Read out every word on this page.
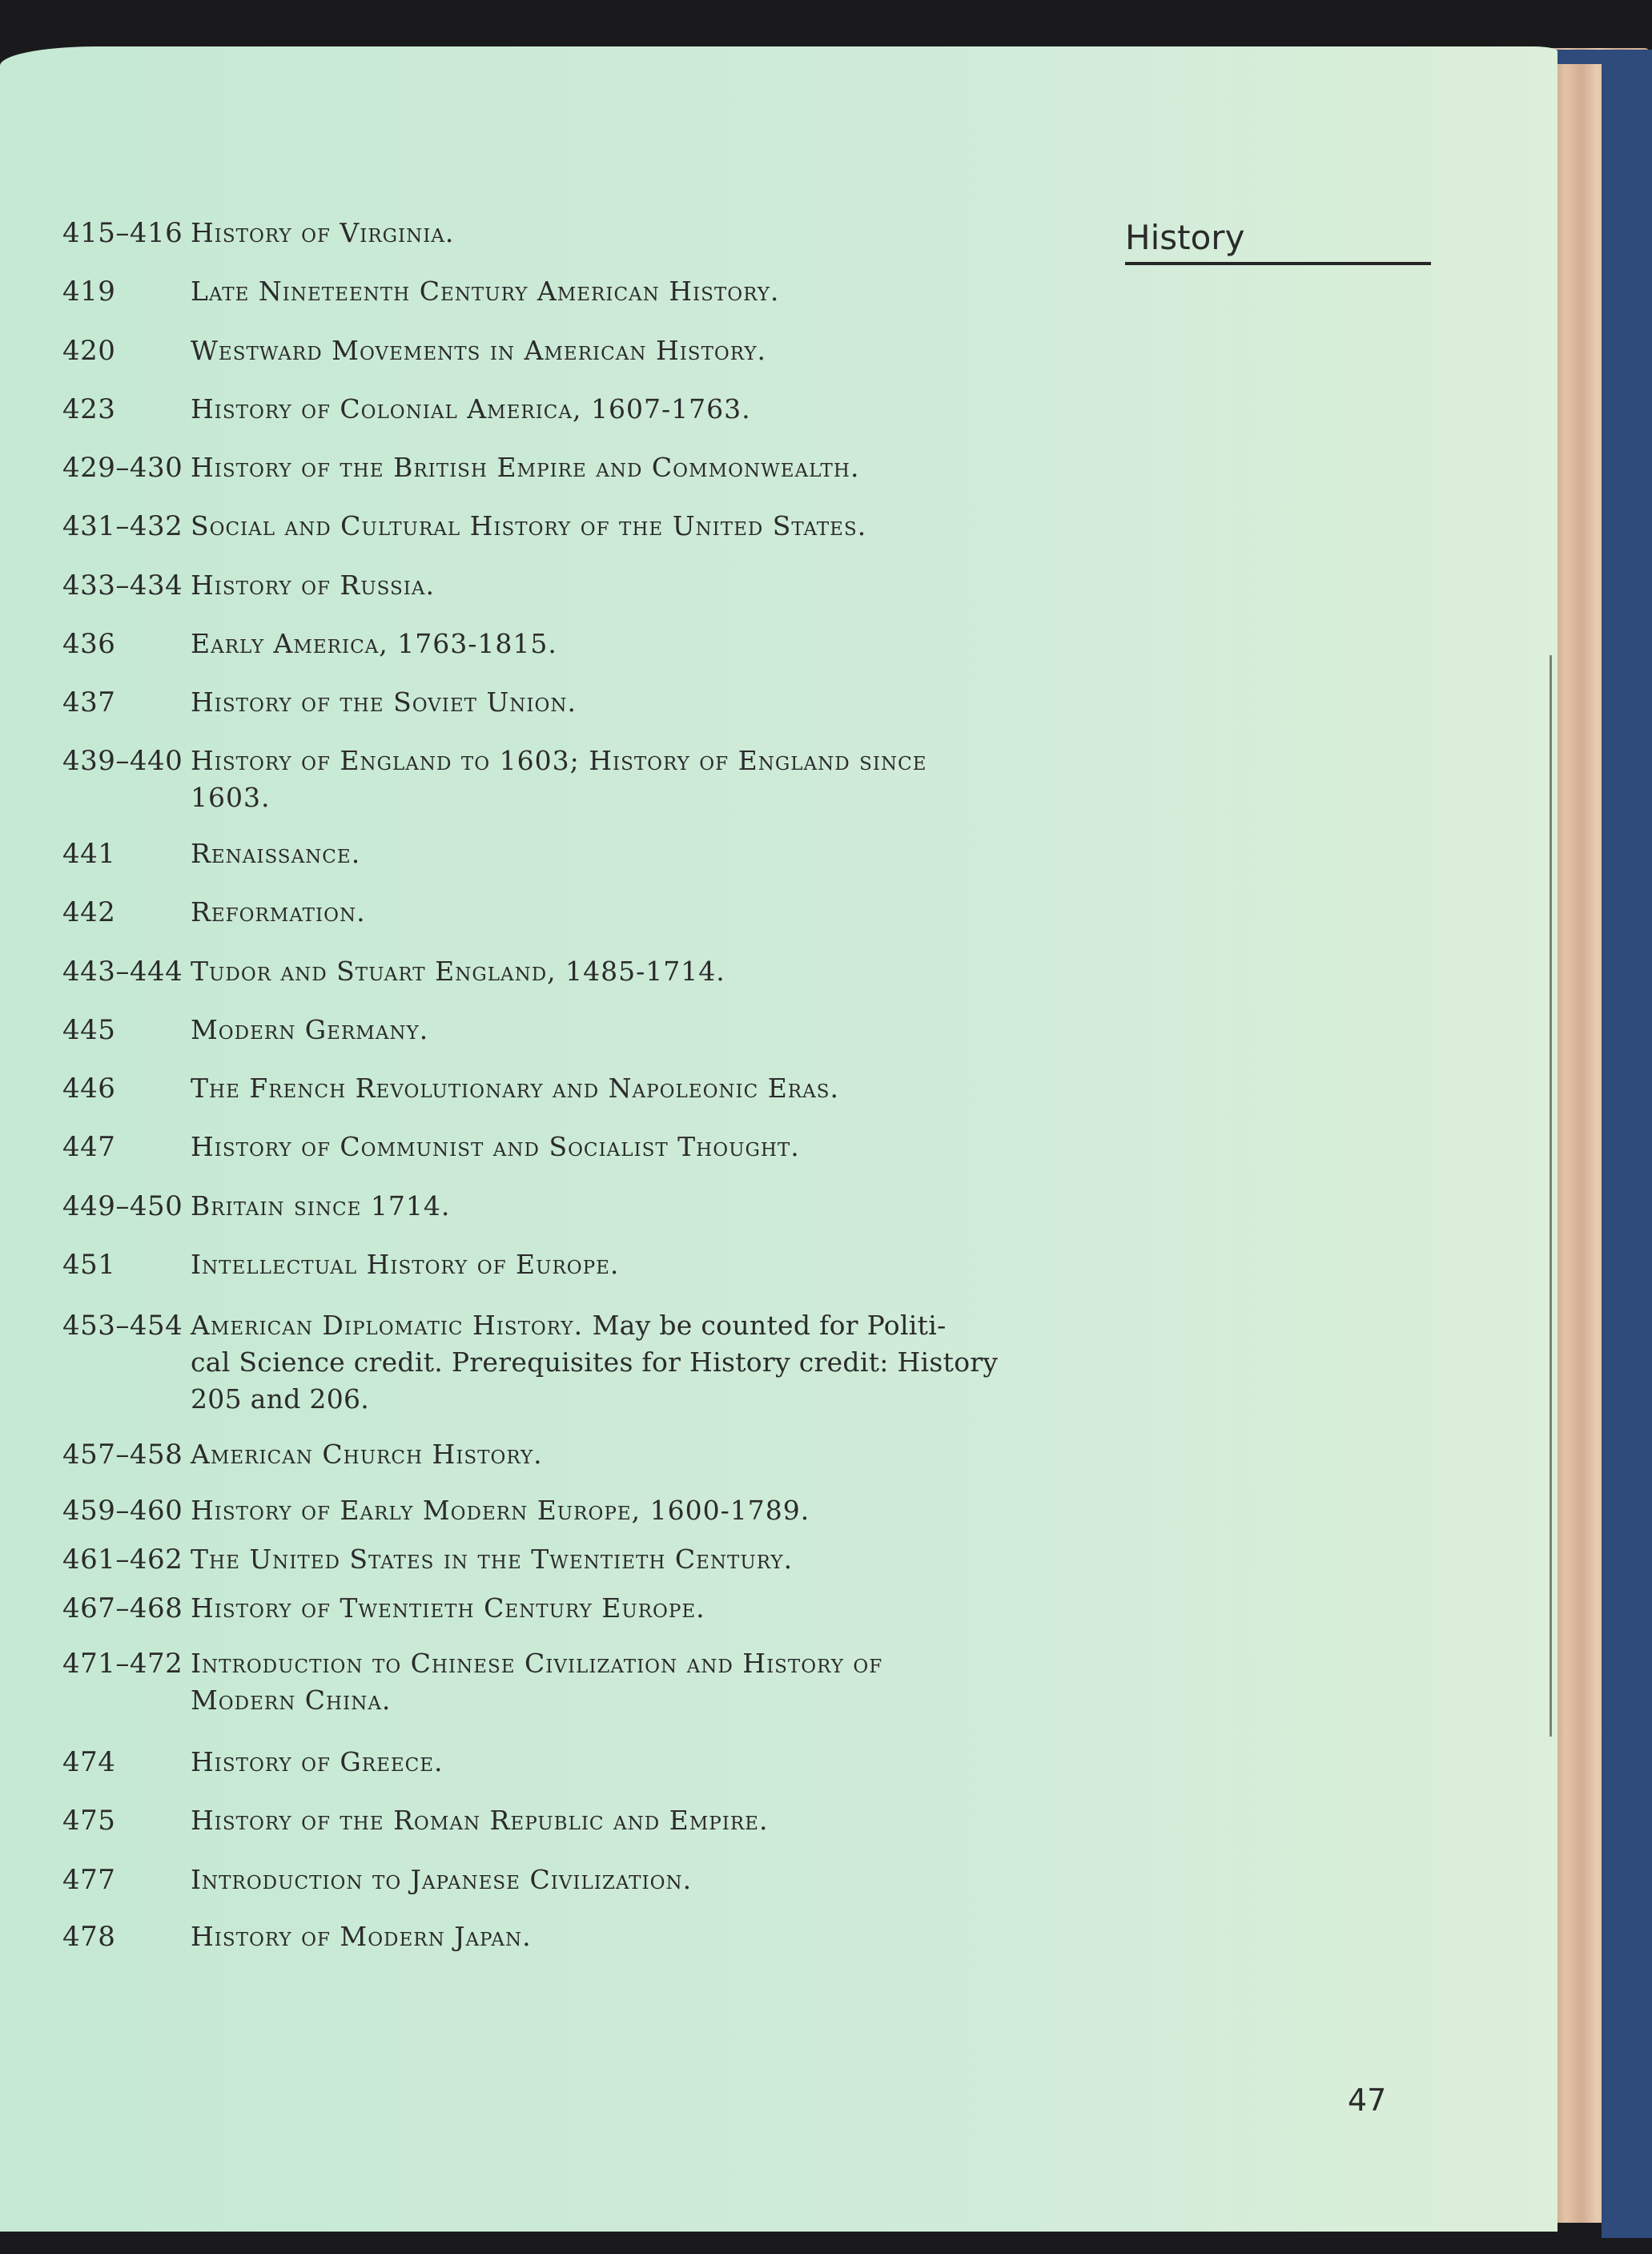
History
415–416 History of Virginia.
419	Late Nineteenth Century American History.
420	Westward Movements in American History.
423	History of Colonial America, 1607-1763.
429–430 History of the British Empire and Commonwealth.
431–432 Social and Cultural History of the United States.
433–434 History of Russia.
436	Early America, 1763-1815.
437	History of the Soviet Union.
439–440 History of England to 1603; History of England since
1603.
441	Renaissance.
442	Reformation.
443–444 Tudor and Stuart England, 1485-1714.
445	Modern Germany.
446	The French Revolutionary and Napoleonic Eras.
447	History of Communist and Socialist Thought.
449–450 Britain since 1714.
451	Intellectual History of Europe.
453–454 American Diplomatic History. May be counted for Politi-
cal Science credit. Prerequisites for History credit: History
205 and 206.
457–458 American Church History.
459–460 History of Early Modern Europe, 1600-1789.
461–462 The United States in the Twentieth Century.
467–468 History of Twentieth Century Europe.
471–472 Introduction to Chinese Civilization and History of
Modern China.
474	History of Greece.
475	History of the Roman Republic and Empire.
477	Introduction to Japanese Civilization.
478	History of Modern Japan.
47
